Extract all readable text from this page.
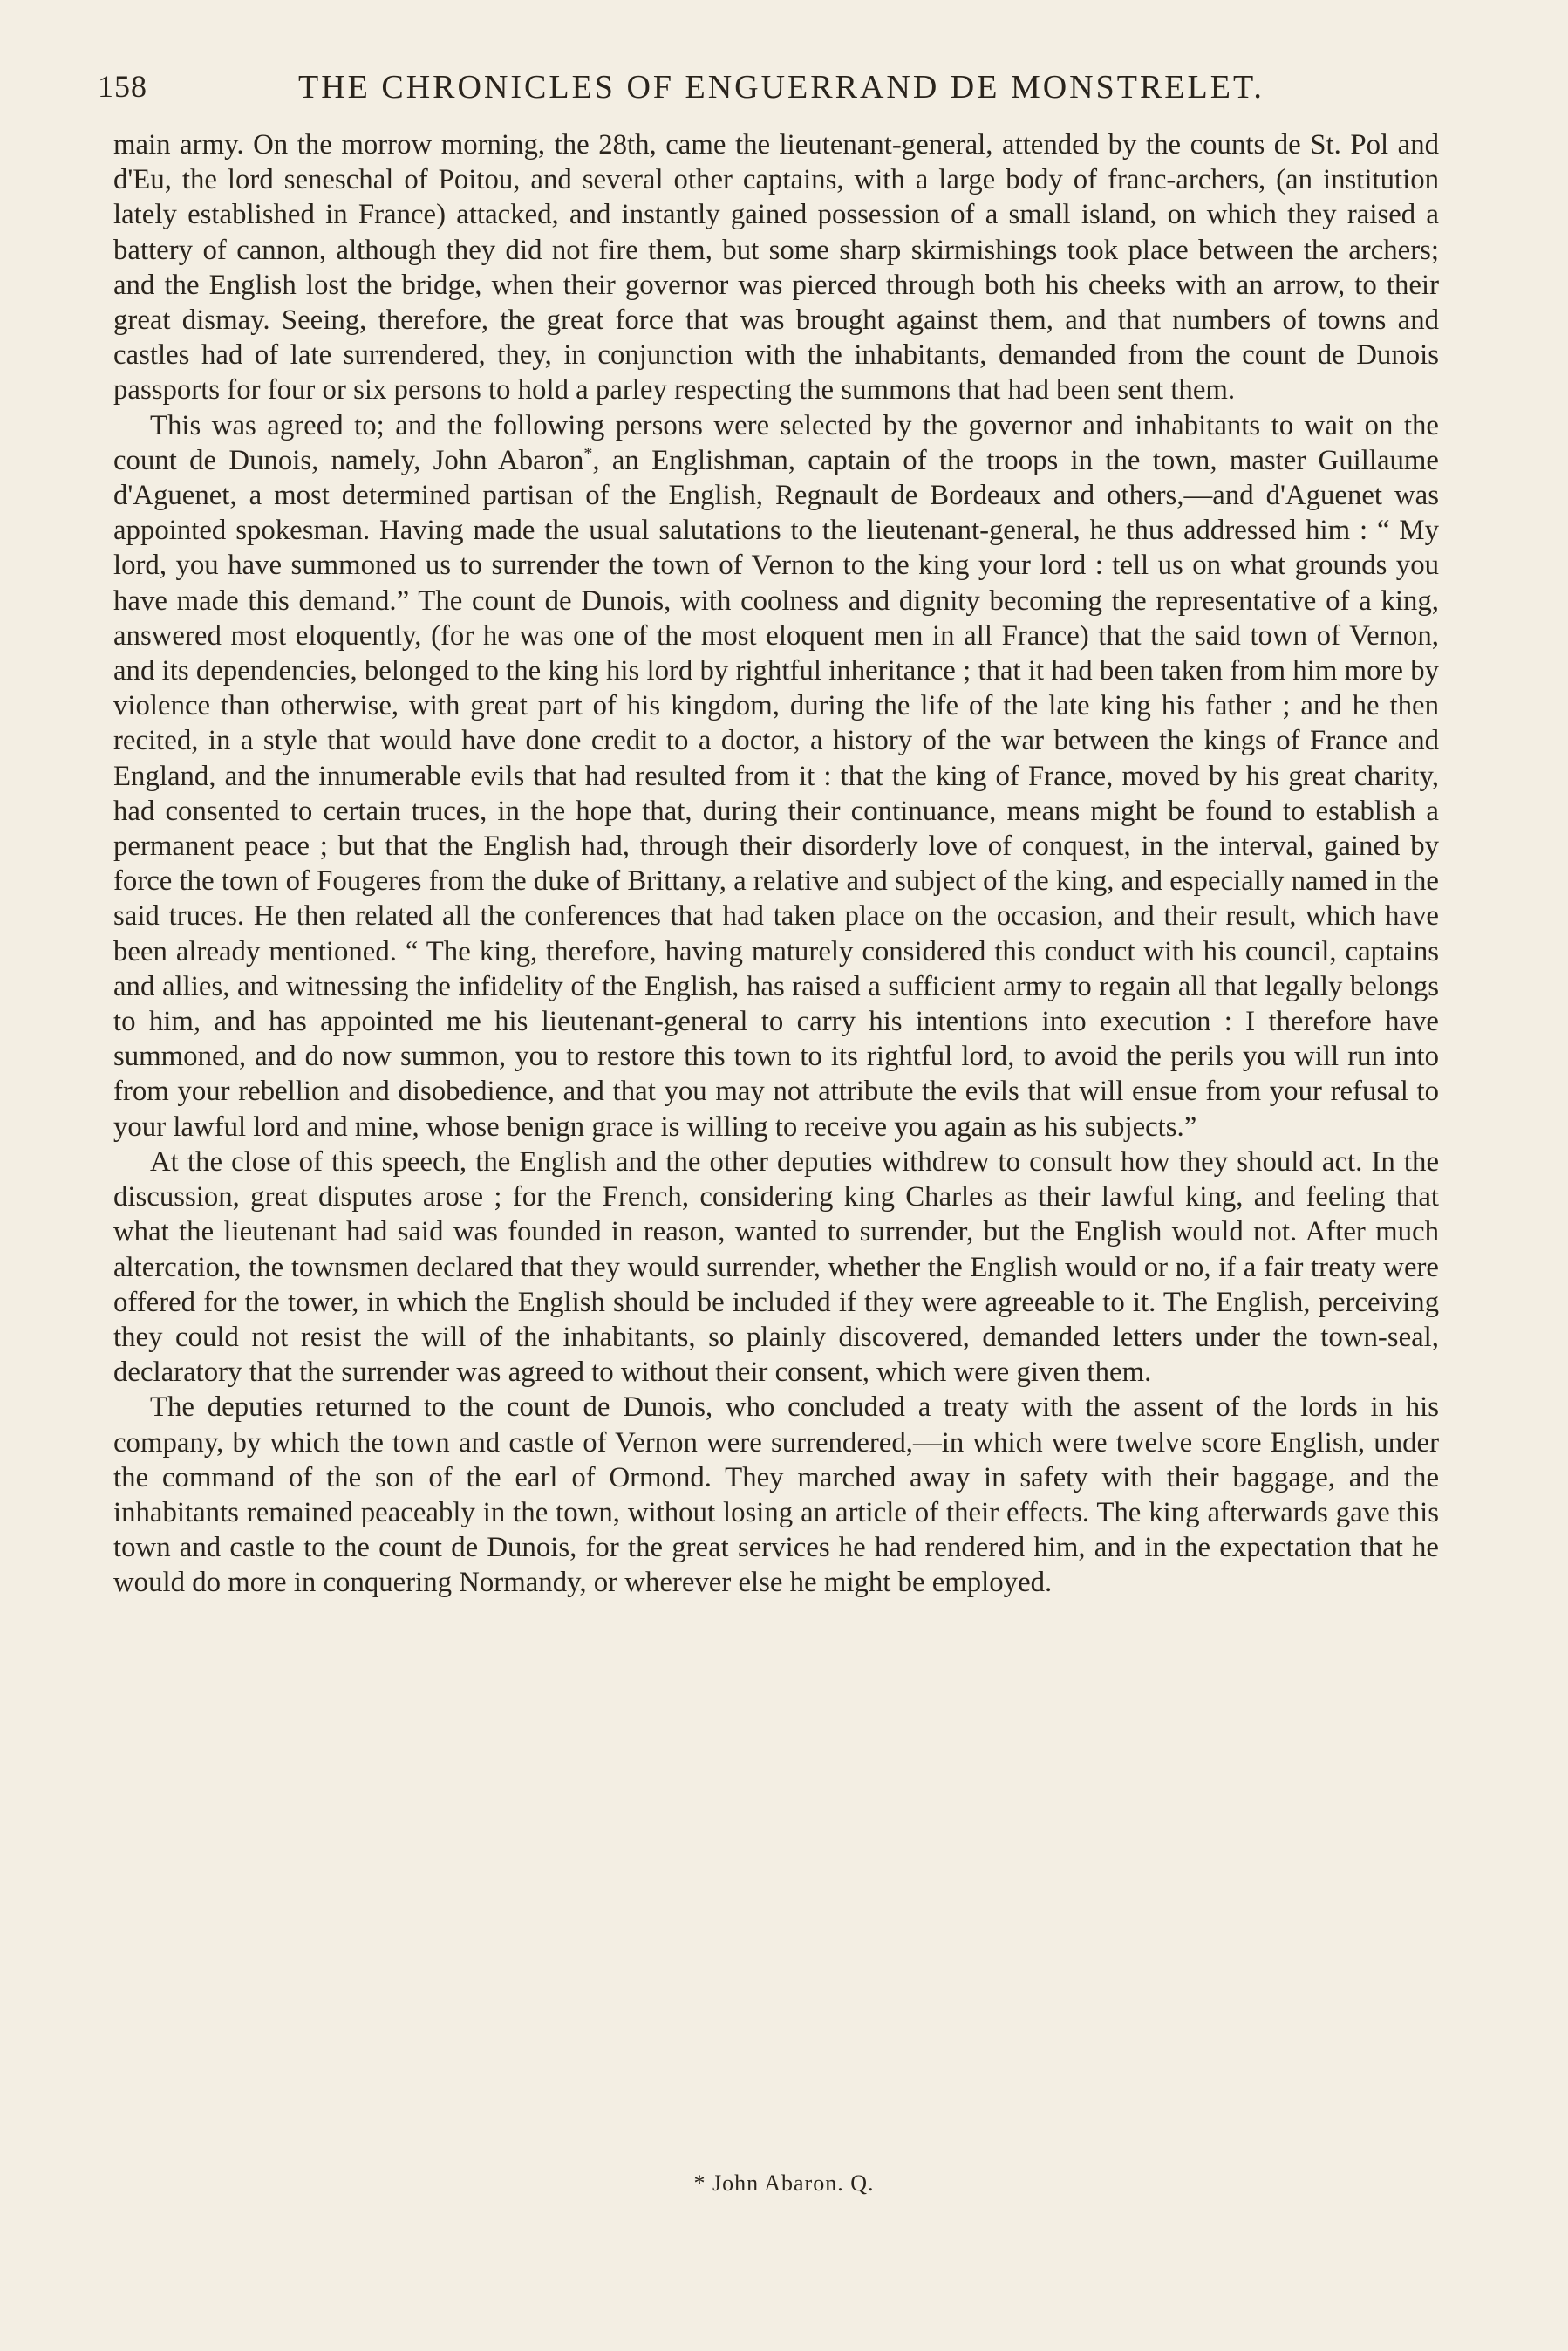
158	THE CHRONICLES OF ENGUERRAND DE MONSTRELET.

main army. On the morrow morning, the 28th, came the lieutenant-general, attended by the counts de St. Pol and d'Eu, the lord seneschal of Poitou, and several other captains, with a large body of franc-archers, (an institution lately established in France) attacked, and instantly gained possession of a small island, on which they raised a battery of cannon, although they did not fire them, but some sharp skirmishings took place between the archers; and the English lost the bridge, when their governor was pierced through both his cheeks with an arrow, to their great dismay. Seeing, therefore, the great force that was brought against them, and that numbers of towns and castles had of late surrendered, they, in conjunction with the inhabitants, demanded from the count de Dunois passports for four or six persons to hold a parley respecting the summons that had been sent them.

This was agreed to; and the following persons were selected by the governor and inhabitants to wait on the count de Dunois, namely, John Abaron*, an Englishman, captain of the troops in the town, master Guillaume d'Aguenet, a most determined partisan of the English, Regnault de Bordeaux and others,—and d'Aguenet was appointed spokesman. Having made the usual salutations to the lieutenant-general, he thus addressed him : “ My lord, you have summoned us to surrender the town of Vernon to the king your lord : tell us on what grounds you have made this demand.” The count de Dunois, with coolness and dignity becoming the representative of a king, answered most eloquently, (for he was one of the most eloquent men in all France) that the said town of Vernon, and its dependencies, belonged to the king his lord by rightful inheritance ; that it had been taken from him more by violence than otherwise, with great part of his kingdom, during the life of the late king his father ; and he then recited, in a style that would have done credit to a doctor, a history of the war between the kings of France and England, and the innumerable evils that had resulted from it : that the king of France, moved by his great charity, had consented to certain truces, in the hope that, during their continuance, means might be found to establish a permanent peace ; but that the English had, through their disorderly love of conquest, in the interval, gained by force the town of Fougeres from the duke of Brittany, a relative and subject of the king, and especially named in the said truces. He then related all the conferences that had taken place on the occasion, and their result, which have been already mentioned. “ The king, therefore, having maturely considered this conduct with his council, captains and allies, and witnessing the infidelity of the English, has raised a sufficient army to regain all that legally belongs to him, and has appointed me his lieutenant-general to carry his intentions into execution : I therefore have summoned, and do now summon, you to restore this town to its rightful lord, to avoid the perils you will run into from your rebellion and disobedience, and that you may not attribute the evils that will ensue from your refusal to your lawful lord and mine, whose benign grace is willing to receive you again as his subjects.”

At the close of this speech, the English and the other deputies withdrew to consult how they should act. In the discussion, great disputes arose ; for the French, considering king Charles as their lawful king, and feeling that what the lieutenant had said was founded in reason, wanted to surrender, but the English would not. After much altercation, the townsmen declared that they would surrender, whether the English would or no, if a fair treaty were offered for the tower, in which the English should be included if they were agreeable to it. The English, perceiving they could not resist the will of the inhabitants, so plainly discovered, demanded letters under the town-seal, declaratory that the surrender was agreed to without their consent, which were given them.

The deputies returned to the count de Dunois, who concluded a treaty with the assent of the lords in his company, by which the town and castle of Vernon were surrendered,—in which were twelve score English, under the command of the son of the earl of Ormond. They marched away in safety with their baggage, and the inhabitants remained peaceably in the town, without losing an article of their effects. The king afterwards gave this town and castle to the count de Dunois, for the great services he had rendered him, and in the expectation that he would do more in conquering Normandy, or wherever else he might be employed.

* John Abaron. Q.
